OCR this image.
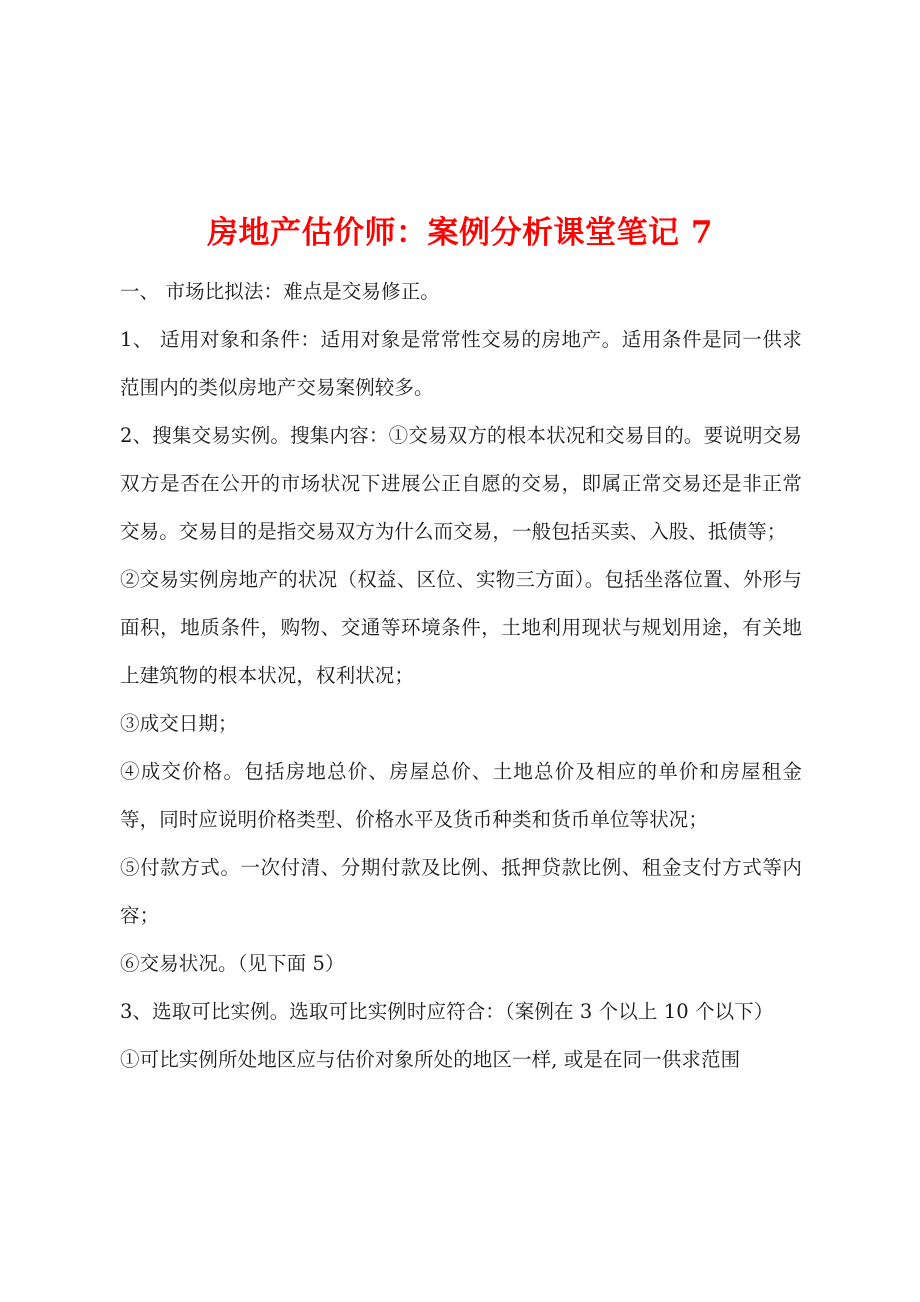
房地产估价师：案例分析课堂笔记 7

一、 市场比拟法：难点是交易修正。

1、 适用对象和条件：适用对象是常常性交易的房地产。适用条件是同一供求范围内的类似房地产交易案例较多。

2、搜集交易实例。搜集内容：①交易双方的根本状况和交易目的。要说明交易双方是否在公开的市场状况下进展公正自愿的交易，即属正常交易还是非正常交易。交易目的是指交易双方为什么而交易，一般包括买卖、入股、抵债等；

②交易实例房地产的状况（权益、区位、实物三方面）。包括坐落位置、外形与面积，地质条件，购物、交通等环境条件，土地利用现状与规划用途，有关地上建筑物的根本状况，权利状况；

③成交日期；

④成交价格。包括房地总价、房屋总价、土地总价及相应的单价和房屋租金等，同时应说明价格类型、价格水平及货币种类和货币单位等状况；

⑤付款方式。一次付清、分期付款及比例、抵押贷款比例、租金支付方式等内容；

⑥交易状况。（见下面 5）

3、选取可比实例。选取可比实例时应符合：（案例在 3 个以上 10 个以下）

①可比实例所处地区应与估价对象所处的地区一样, 或是在同一供求范围
